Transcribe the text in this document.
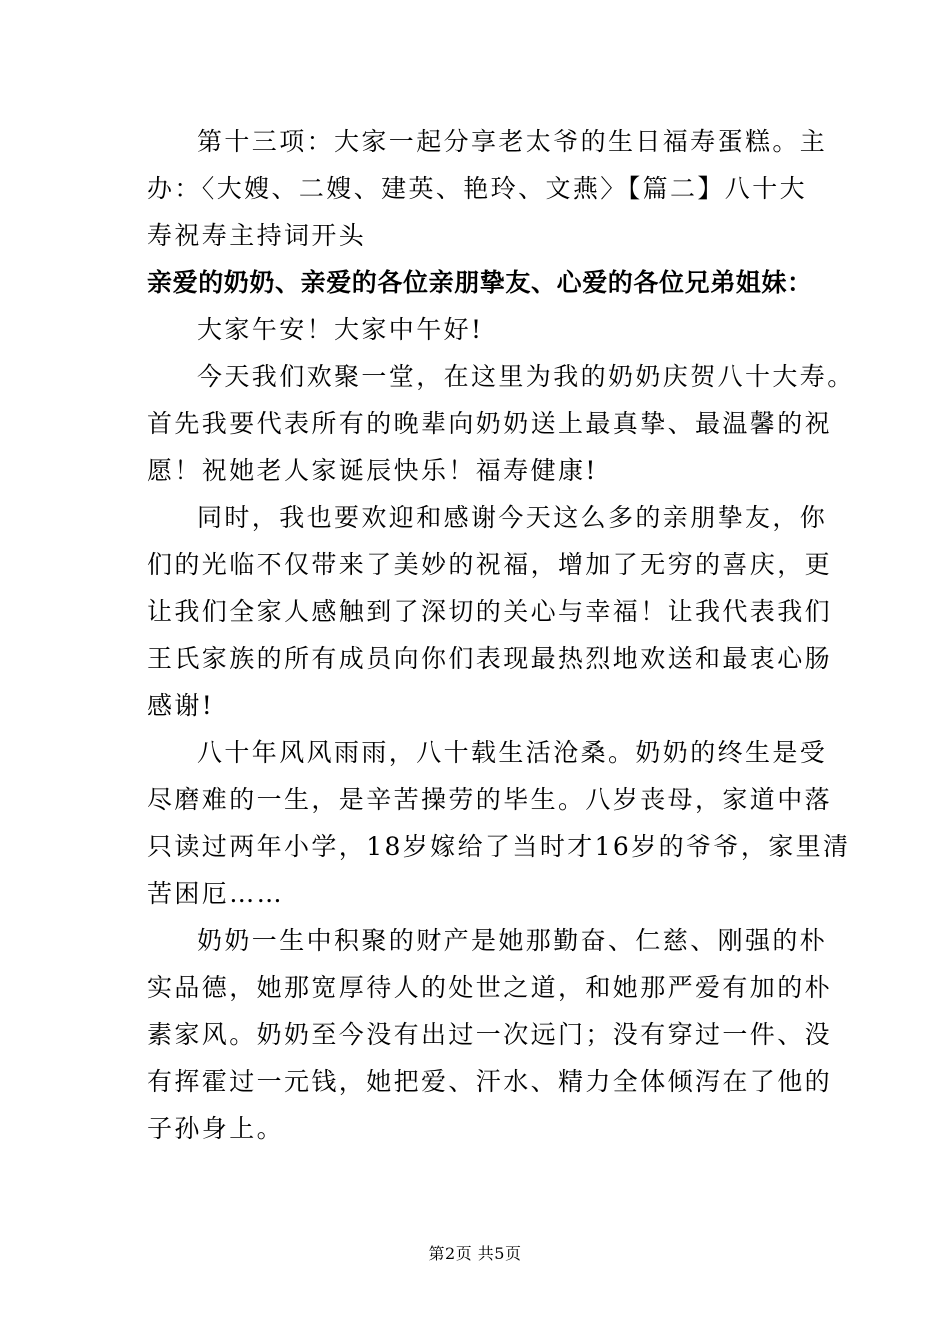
第十三项：大家一起分享老太爷的生日福寿蛋糕。主
办：〈大嫂、二嫂、建英、艳玲、文燕〉【篇二】八十大
寿祝寿主持词开头
亲爱的奶奶、亲爱的各位亲朋挚友、心爱的各位兄弟姐妹：
大家午安！大家中午好!
今天我们欢聚一堂，在这里为我的奶奶庆贺八十大寿。
首先我要代表所有的晚辈向奶奶送上最真挚、最温馨的祝
愿！祝她老人家诞辰快乐！福寿健康!
同时，我也要欢迎和感谢今天这么多的亲朋挚友，你
们的光临不仅带来了美妙的祝福，增加了无穷的喜庆，更
让我们全家人感触到了深切的关心与幸福！让我代表我们
王氏家族的所有成员向你们表现最热烈地欢送和最衷心肠
感谢!
八十年风风雨雨，八十载生活沧桑。奶奶的终生是受
尽磨难的一生，是辛苦操劳的毕生。八岁丧母，家道中落
只读过两年小学，18岁嫁给了当时才16岁的爷爷，家里清
苦困厄……
奶奶一生中积聚的财产是她那勤奋、仁慈、刚强的朴
实品德，她那宽厚待人的处世之道，和她那严爱有加的朴
素家风。奶奶至今没有出过一次远门；没有穿过一件、没
有挥霍过一元钱，她把爱、汗水、精力全体倾泻在了他的
子孙身上。
第2页 共5页
